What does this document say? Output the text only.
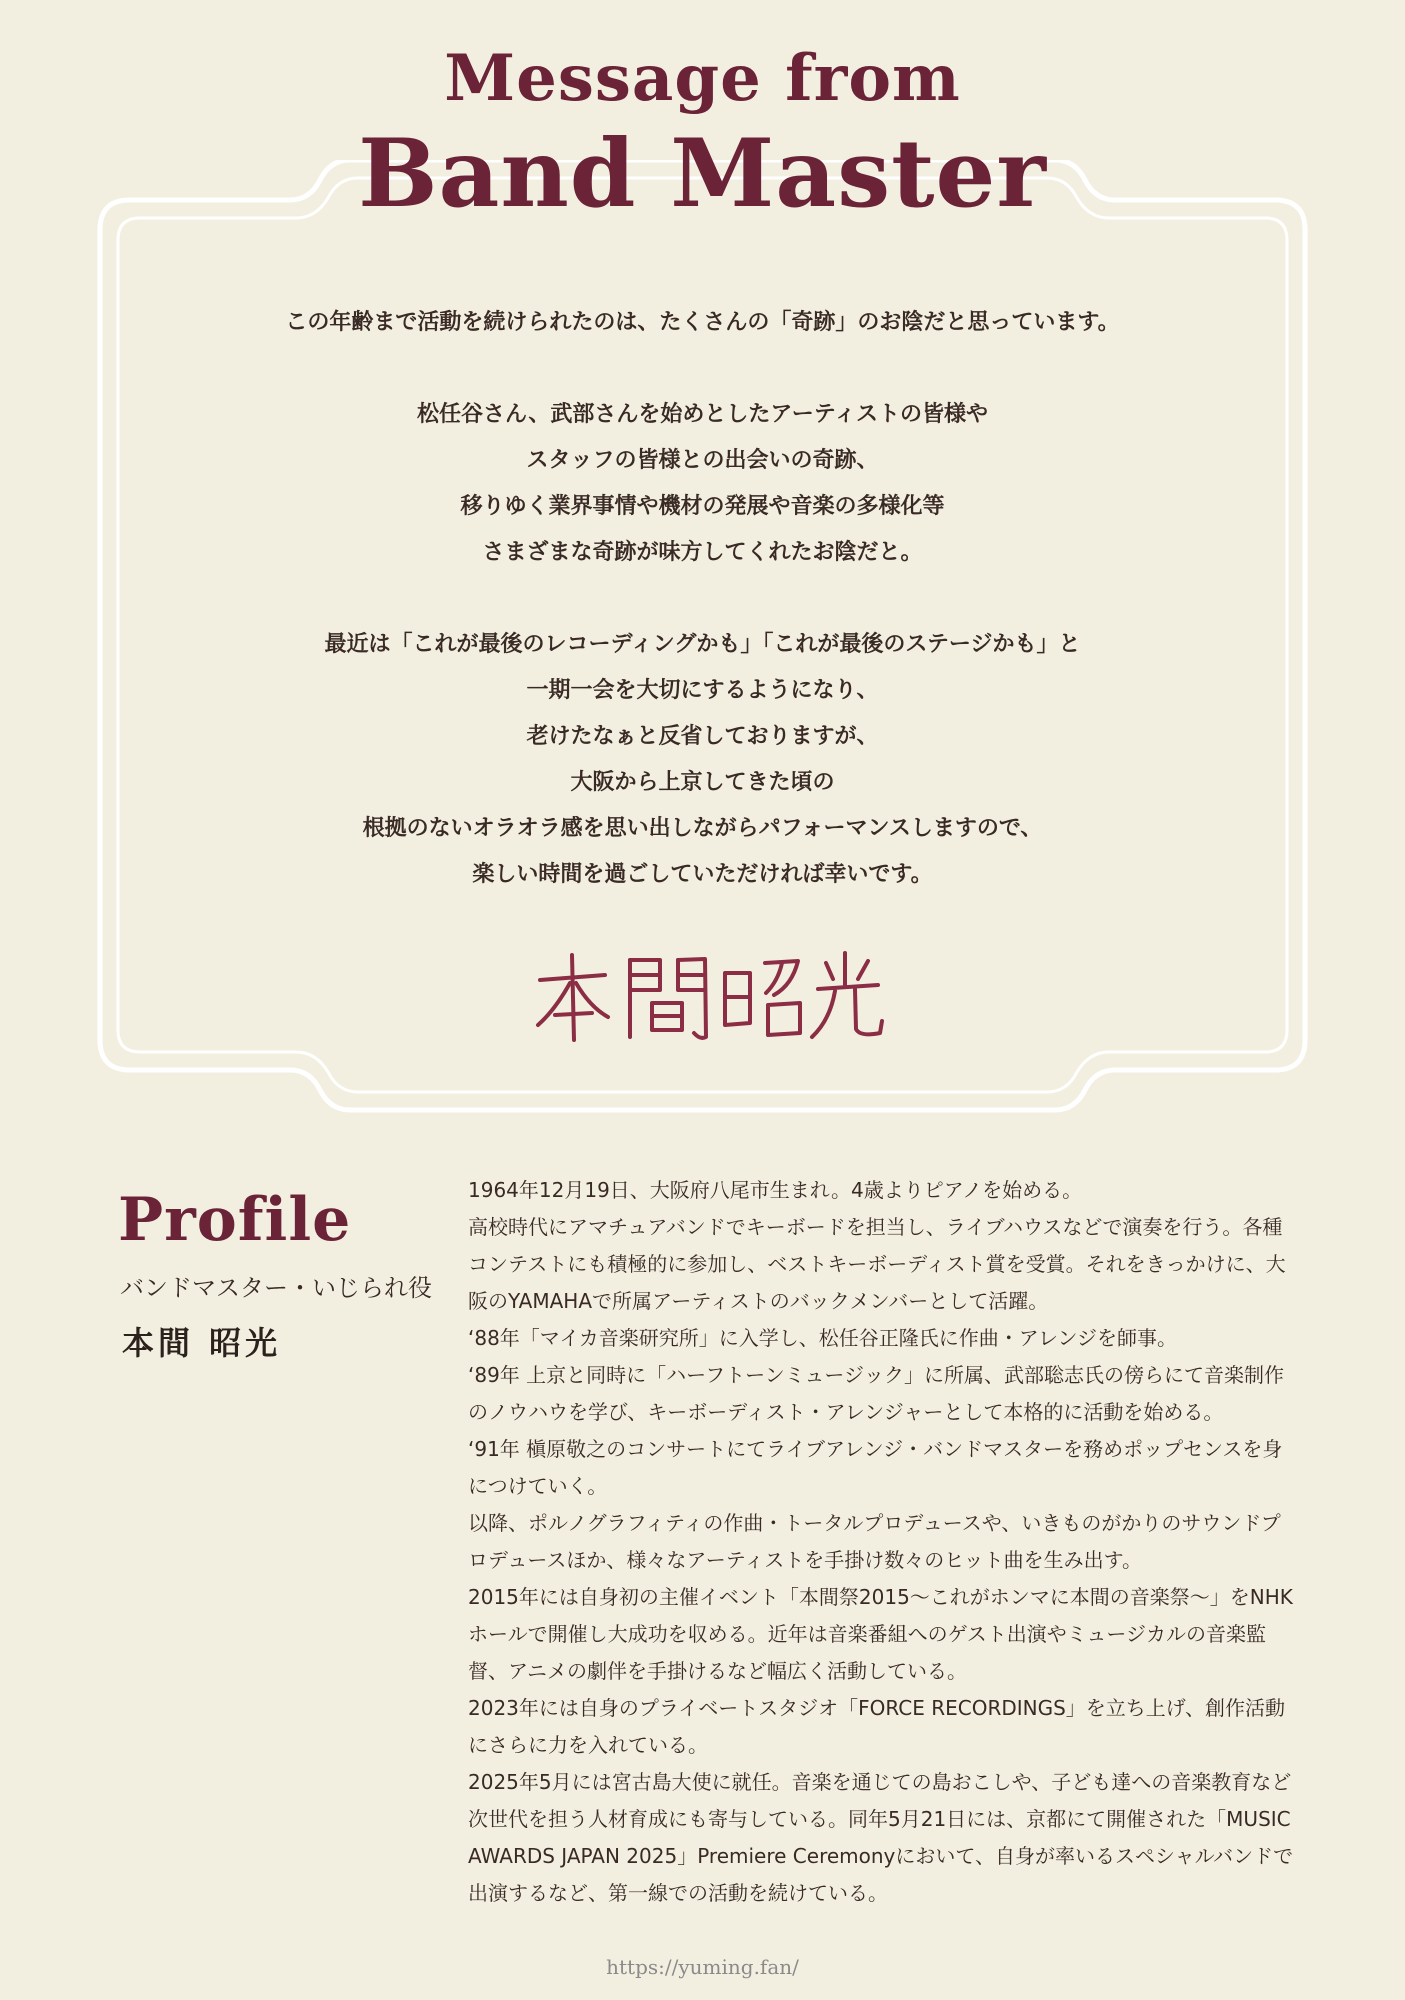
Message from
Band Master

この年齢まで活動を続けられたのは、たくさんの「奇跡」のお陰だと思っています。

松任谷さん、武部さんを始めとしたアーティストの皆様や

スタッフの皆様との出会いの奇跡、

移りゆく業界事情や機材の発展や音楽の多様化等

さまざまな奇跡が味方してくれたお陰だと。

最近は「これが最後のレコーディングかも」「これが最後のステージかも」と

一期一会を大切にするようになり、

老けたなぁと反省しておりますが、

大阪から上京してきた頃の

根拠のないオラオラ感を思い出しながらパフォーマンスしますので、

楽しい時間を過ごしていただければ幸いです。

Profile
バンドマスター・いじられ役
本間 昭光

1964年12月19日、大阪府八尾市生まれ。4歳よりピアノを始める。

高校時代にアマチュアバンドでキーボードを担当し、ライブハウスなどで演奏を行う。各種コンテストにも積極的に参加し、ベストキーボーディスト賞を受賞。それをきっかけに、大阪のYAMAHAで所属アーティストのバックメンバーとして活躍。

‘88年「マイカ音楽研究所」に入学し、松任谷正隆氏に作曲・アレンジを師事。

‘89年 上京と同時に「ハーフトーンミュージック」に所属、武部聡志氏の傍らにて音楽制作のノウハウを学び、キーボーディスト・アレンジャーとして本格的に活動を始める。

‘91年 槇原敬之のコンサートにてライブアレンジ・バンドマスターを務めポップセンスを身につけていく。

以降、ポルノグラフィティの作曲・トータルプロデュースや、いきものがかりのサウンドプロデュースほか、様々なアーティストを手掛け数々のヒット曲を生み出す。

2015年には自身初の主催イベント「本間祭2015～これがホンマに本間の音楽祭～」をNHKホールで開催し大成功を収める。近年は音楽番組へのゲスト出演やミュージカルの音楽監督、アニメの劇伴を手掛けるなど幅広く活動している。

2023年には自身のプライベートスタジオ「FORCE RECORDINGS」を立ち上げ、創作活動にさらに力を入れている。

2025年5月には宮古島大使に就任。音楽を通じての島おこしや、子ども達への音楽教育など次世代を担う人材育成にも寄与している。同年5月21日には、京都にて開催された「MUSIC AWARDS JAPAN 2025」Premiere Ceremonyにおいて、自身が率いるスペシャルバンドで出演するなど、第一線での活動を続けている。

https://yuming.fan/
